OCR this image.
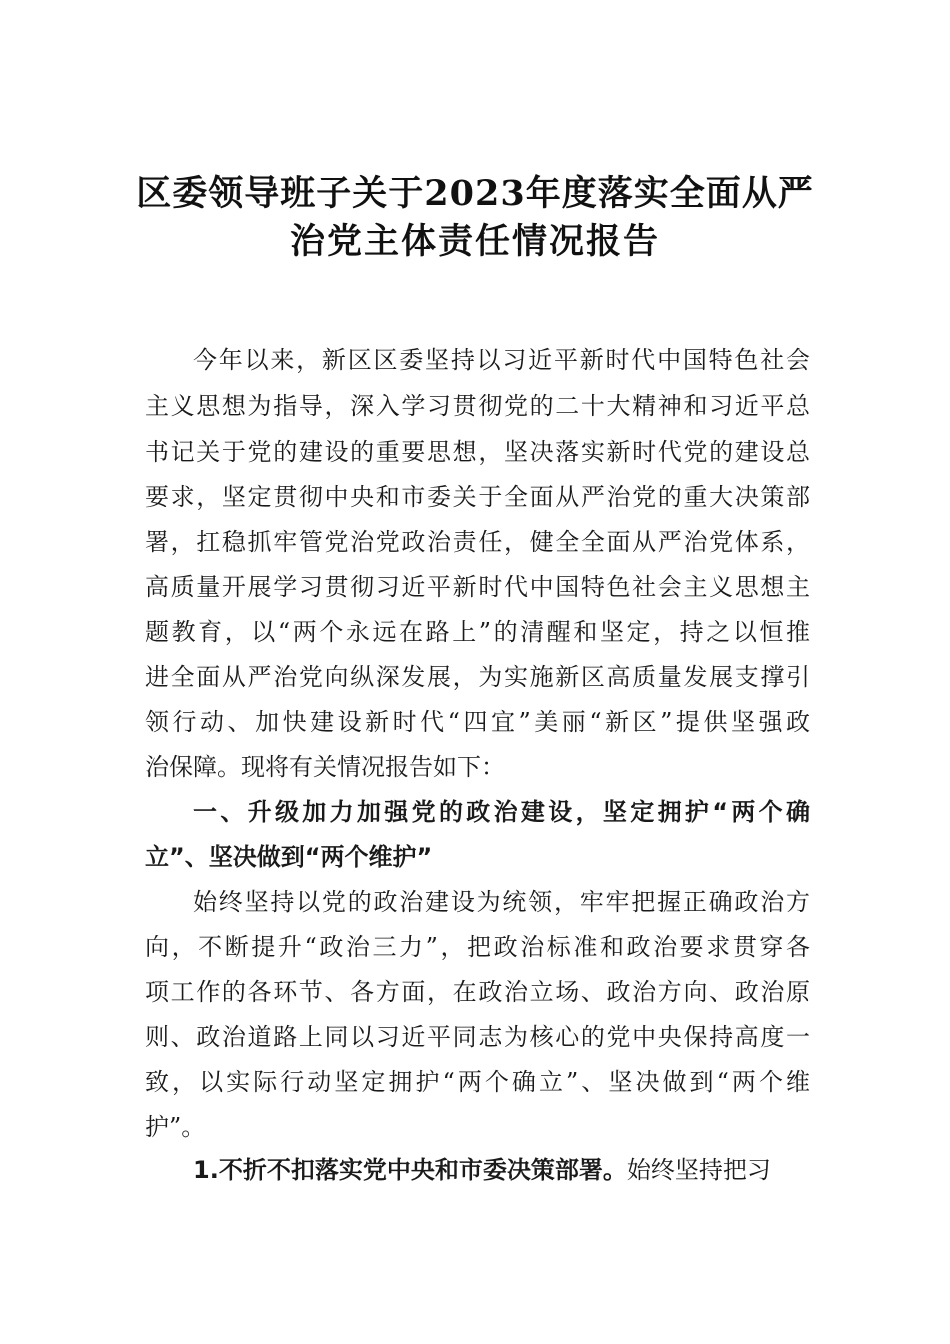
区委领导班子关于2023年度落实全面从严
治党主体责任情况报告
今年以来，新区区委坚持以习近平新时代中国特色社会
主义思想为指导，深入学习贯彻党的二十大精神和习近平总
书记关于党的建设的重要思想，坚决落实新时代党的建设总
要求，坚定贯彻中央和市委关于全面从严治党的重大决策部
署，扛稳抓牢管党治党政治责任，健全全面从严治党体系，
高质量开展学习贯彻习近平新时代中国特色社会主义思想主
题教育，以“两个永远在路上”的清醒和坚定，持之以恒推
进全面从严治党向纵深发展，为实施新区高质量发展支撑引
领行动、加快建设新时代“四宜”美丽“新区”提供坚强政
治保障。现将有关情况报告如下：
一、升级加力加强党的政治建设，坚定拥护“两个确
立”、坚决做到“两个维护”
始终坚持以党的政治建设为统领，牢牢把握正确政治方
向，不断提升“政治三力”，把政治标准和政治要求贯穿各
项工作的各环节、各方面，在政治立场、政治方向、政治原
则、政治道路上同以习近平同志为核心的党中央保持高度一
致，以实际行动坚定拥护“两个确立”、坚决做到“两个维
护”。
1.不折不扣落实党中央和市委决策部署。始终坚持把习
